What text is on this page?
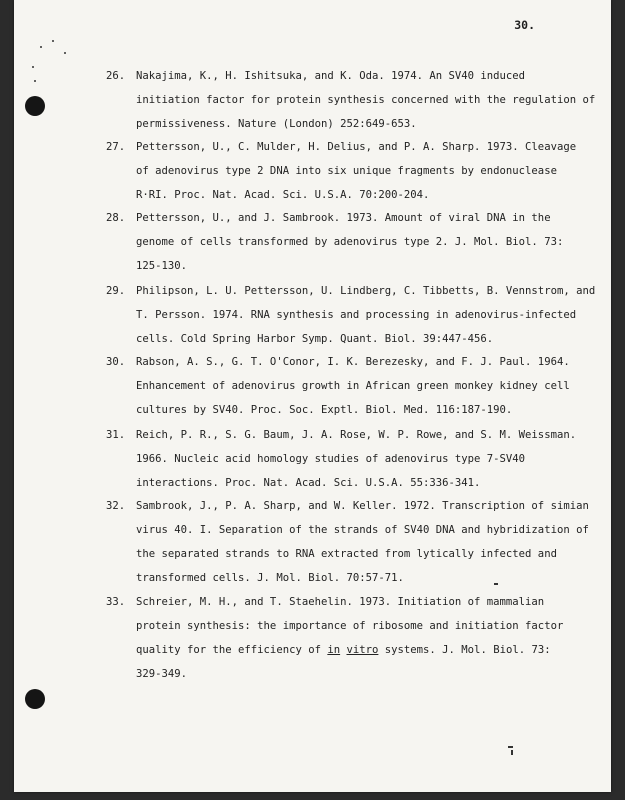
30.
26.	Nakajima, K., H. Ishitsuka, and K. Oda. 1974. An SV40 induced
initiation factor for protein synthesis concerned with the regulation of
permissiveness. Nature (London) 252:649-653.
27.	Pettersson, U., C. Mulder, H. Delius, and P. A. Sharp. 1973. Cleavage
of adenovirus type 2 DNA into six unique fragments by endonuclease
R·RI. Proc. Nat. Acad. Sci. U.S.A. 70:200-204.
28.	Pettersson, U., and J. Sambrook. 1973. Amount of viral DNA in the
genome of cells transformed by adenovirus type 2. J. Mol. Biol. 73:
125-130.
29.	Philipson, L. U. Pettersson, U. Lindberg, C. Tibbetts, B. Vennstrom, and
T. Persson. 1974. RNA synthesis and processing in adenovirus-infected
cells. Cold Spring Harbor Symp. Quant. Biol. 39:447-456.
30.	Rabson, A. S., G. T. O'Conor, I. K. Berezesky, and F. J. Paul. 1964.
Enhancement of adenovirus growth in African green monkey kidney cell
cultures by SV40. Proc. Soc. Exptl. Biol. Med. 116:187-190.
31.	Reich, P. R., S. G. Baum, J. A. Rose, W. P. Rowe, and S. M. Weissman.
1966. Nucleic acid homology studies of adenovirus type 7-SV40
interactions. Proc. Nat. Acad. Sci. U.S.A. 55:336-341.
32.	Sambrook, J., P. A. Sharp, and W. Keller. 1972. Transcription of simian
virus 40. I. Separation of the strands of SV40 DNA and hybridization of
the separated strands to RNA extracted from lytically infected and
transformed cells. J. Mol. Biol. 70:57-71.
33.	Schreier, M. H., and T. Staehelin. 1973. Initiation of mammalian
protein synthesis: the importance of ribosome and initiation factor
quality for the efficiency of in vitro systems. J. Mol. Biol. 73:
329-349.
